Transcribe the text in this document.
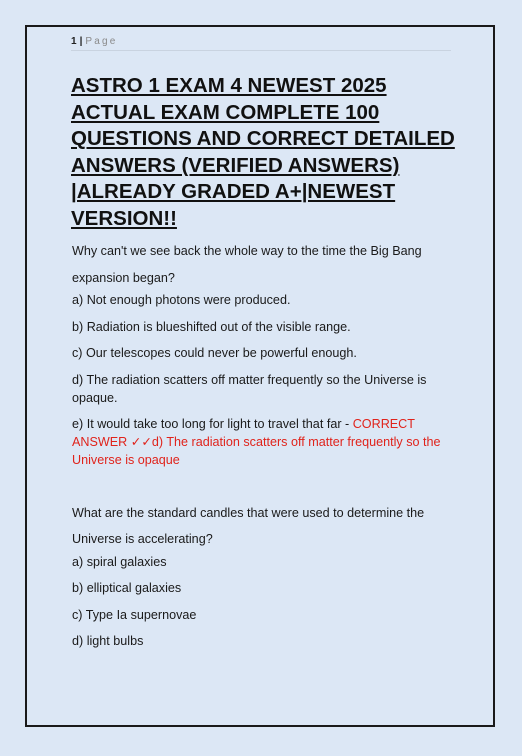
1 | Page
ASTRO 1 EXAM 4 NEWEST 2025 ACTUAL EXAM COMPLETE 100 QUESTIONS AND CORRECT DETAILED ANSWERS (VERIFIED ANSWERS) |ALREADY GRADED A+|NEWEST VERSION!!

Why can't we see back the whole way to the time the Big Bang expansion began?

a) Not enough photons were produced.

b) Radiation is blueshifted out of the visible range.

c) Our telescopes could never be powerful enough.

d) The radiation scatters off matter frequently so the Universe is opaque.

e) It would take too long for light to travel that far - CORRECT ANSWER ✓✓d) The radiation scatters off matter frequently so the Universe is opaque

What are the standard candles that were used to determine the Universe is accelerating?

a) spiral galaxies

b) elliptical galaxies

c) Type Ia supernovae

d) light bulbs
